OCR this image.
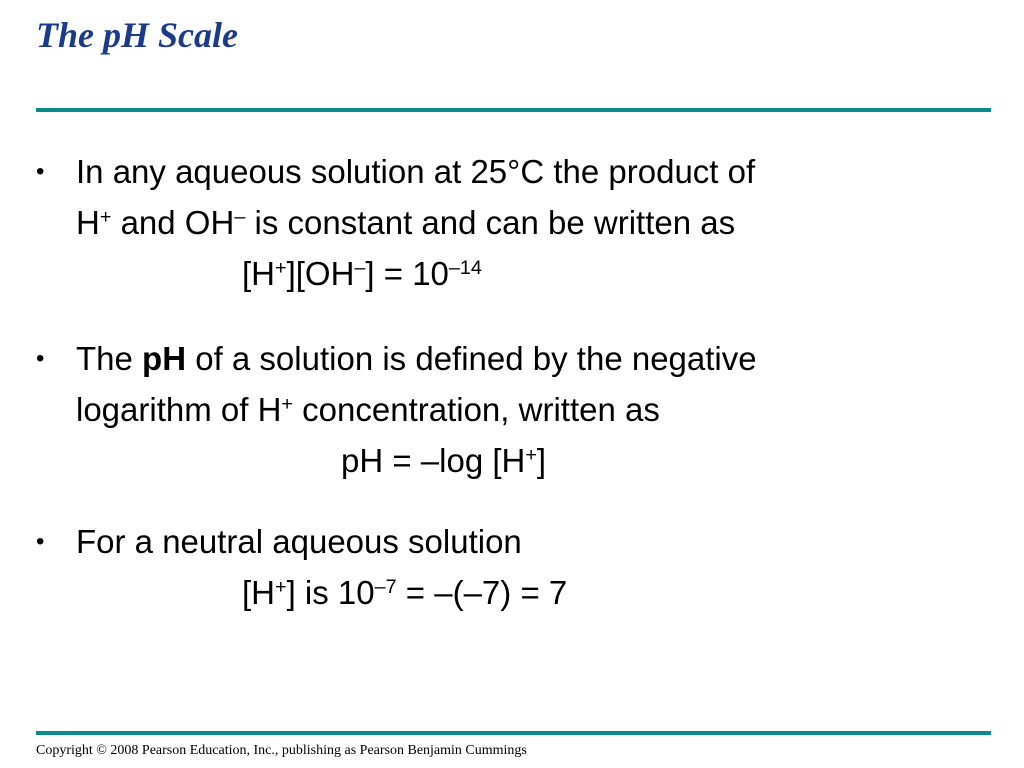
The pH Scale
• In any aqueous solution at 25°C the product of
H+ and OH– is constant and can be written as
$[H^+][OH^-] = 10^{-14}$
• The pH of a solution is defined by the negative
logarithm of H+ concentration, written as
pH = –log [H+]
• For a neutral aqueous solution
[H+] is $10^{-7} = -(-7) = 7$
Copyright © 2008 Pearson Education, Inc., publishing as Pearson Benjamin Cummings
